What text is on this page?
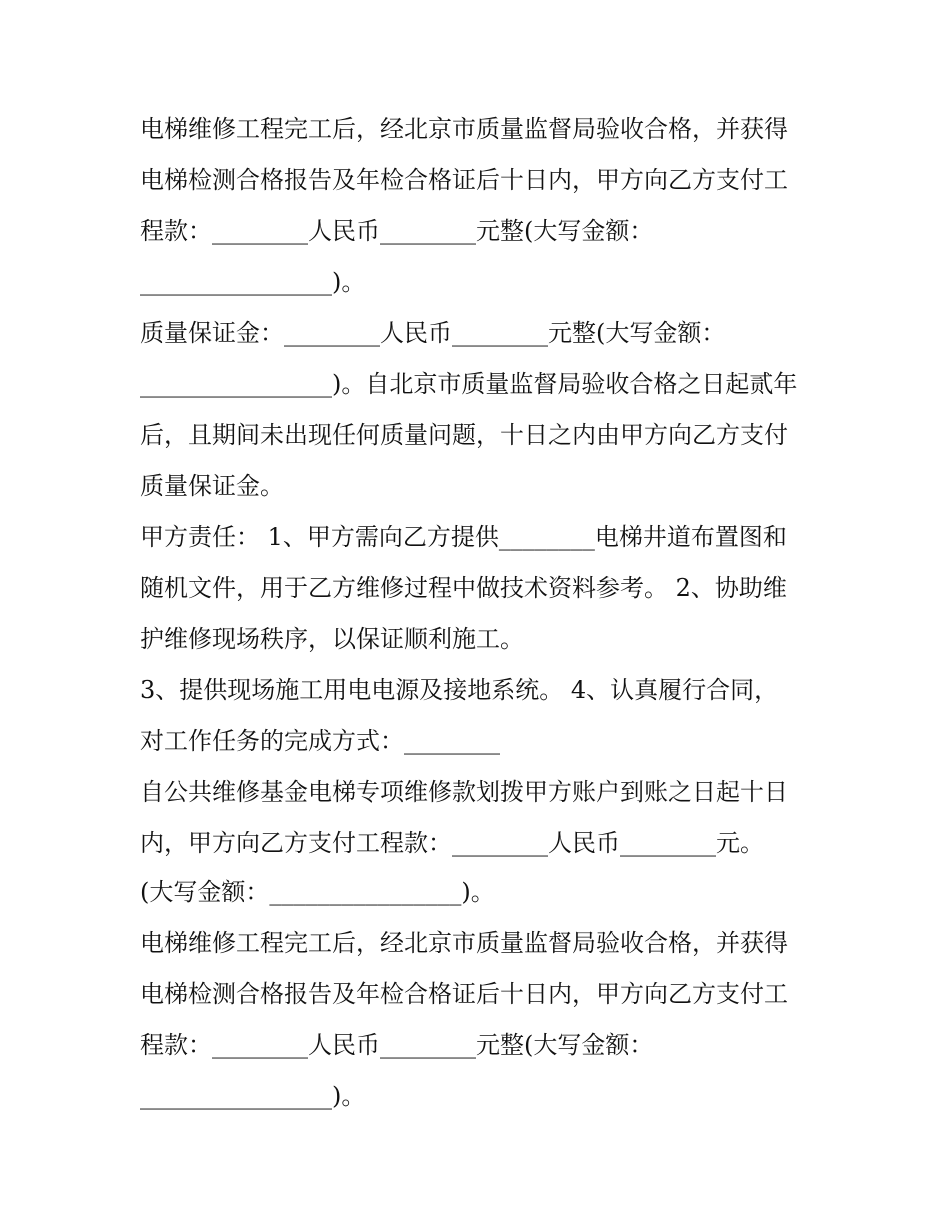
电梯维修工程完工后，经北京市质量监督局验收合格，并获得
电梯检测合格报告及年检合格证后十日内，甲方向乙方支付工
程款：________人民币________元整(大写金额：
________________)。
质量保证金：________人民币________元整(大写金额：
________________)。自北京市质量监督局验收合格之日起贰年
后，且期间未出现任何质量问题，十日之内由甲方向乙方支付
质量保证金。
甲方责任： 1、甲方需向乙方提供________电梯井道布置图和
随机文件，用于乙方维修过程中做技术资料参考。 2、协助维
护维修现场秩序，以保证顺利施工。
3、提供现场施工用电电源及接地系统。 4、认真履行合同，
对工作任务的完成方式：________
自公共维修基金电梯专项维修款划拨甲方账户到账之日起十日
内，甲方向乙方支付工程款：________人民币________元。
(大写金额：________________)。
电梯维修工程完工后，经北京市质量监督局验收合格，并获得
电梯检测合格报告及年检合格证后十日内，甲方向乙方支付工
程款：________人民币________元整(大写金额：
________________)。
